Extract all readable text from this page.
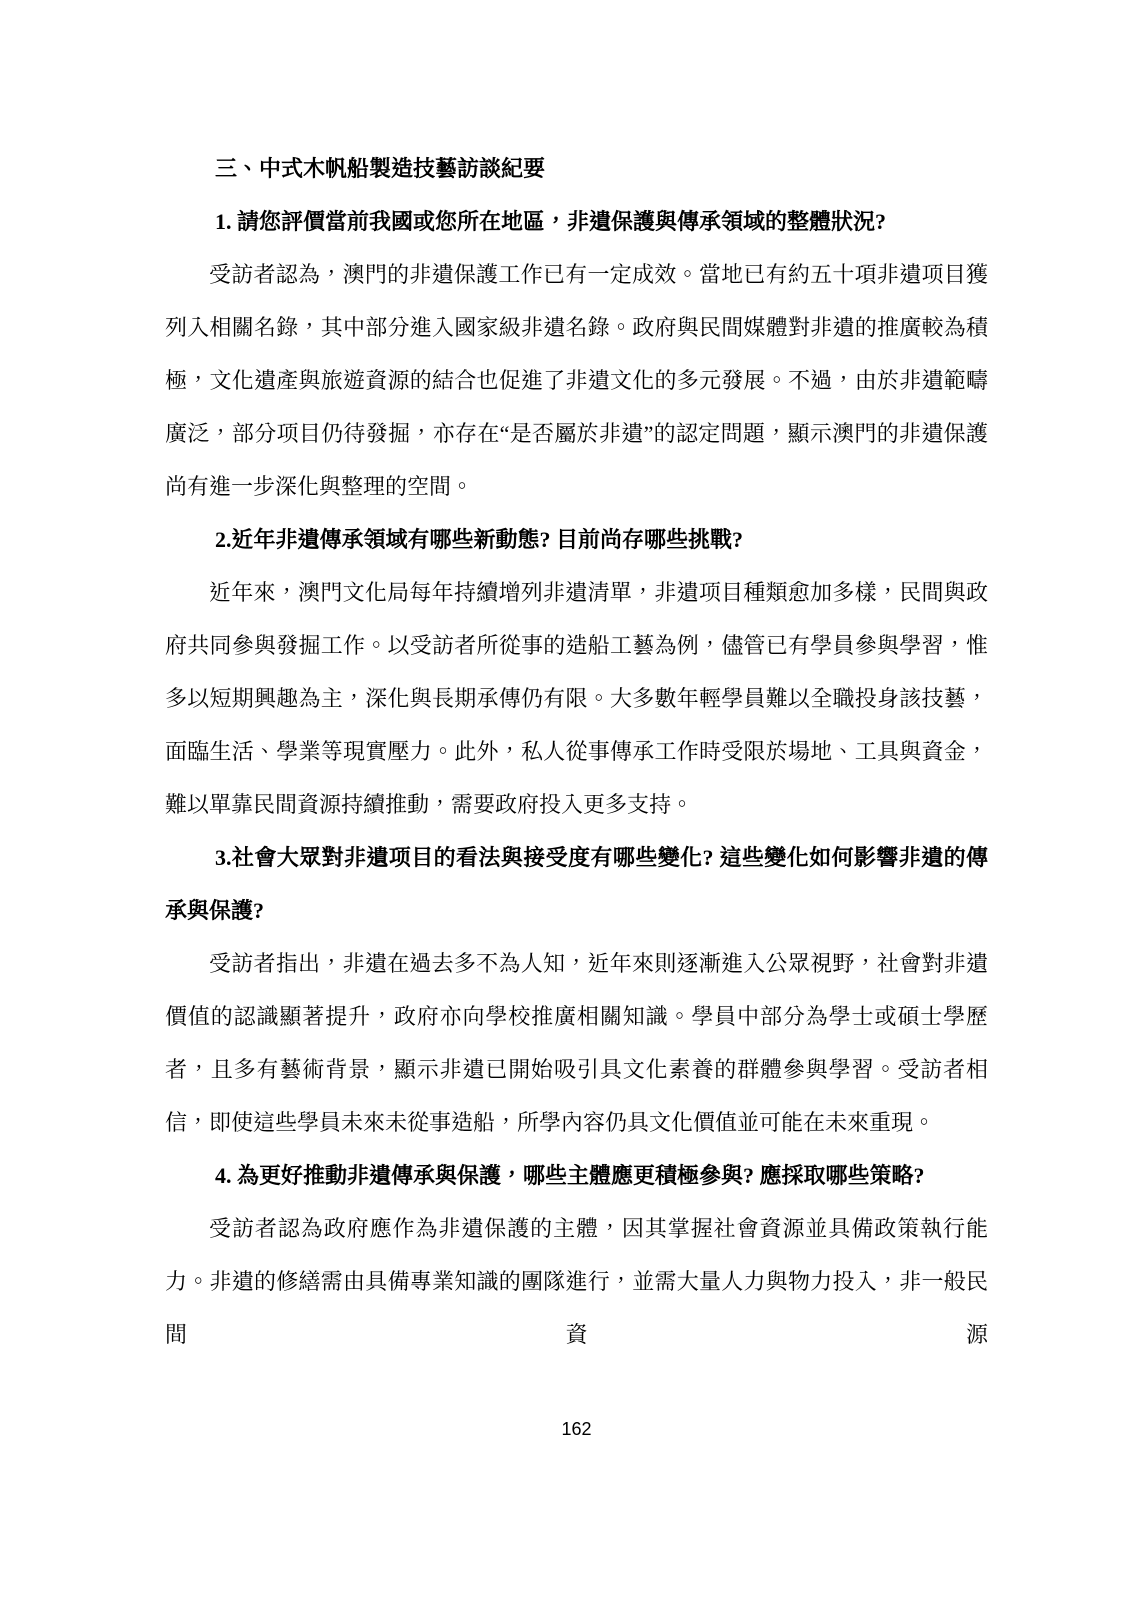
三、中式木帆船製造技藝訪談紀要

1. 請您評價當前我國或您所在地區，非遺保護與傳承領域的整體狀況?

受訪者認為，澳門的非遺保護工作已有一定成效。當地已有約五十項非遺项目獲列入相關名錄，其中部分進入國家級非遺名錄。政府與民間媒體對非遺的推廣較為積極，文化遺產與旅遊資源的結合也促進了非遺文化的多元發展。不過，由於非遺範疇廣泛，部分项目仍待發掘，亦存在“是否屬於非遺”的認定問題，顯示澳門的非遺保護尚有進一步深化與整理的空間。

2.近年非遺傳承領域有哪些新動態? 目前尚存哪些挑戰?

近年來，澳門文化局每年持續增列非遺清單，非遺项目種類愈加多樣，民間與政府共同參與發掘工作。以受訪者所從事的造船工藝為例，儘管已有學員參與學習，惟多以短期興趣為主，深化與長期承傳仍有限。大多數年輕學員難以全職投身該技藝，面臨生活、學業等現實壓力。此外，私人從事傳承工作時受限於場地、工具與資金，難以單靠民間資源持續推動，需要政府投入更多支持。

3.社會大眾對非遺项目的看法與接受度有哪些變化? 這些變化如何影響非遺的傳承與保護?

受訪者指出，非遺在過去多不為人知，近年來則逐漸進入公眾視野，社會對非遺價值的認識顯著提升，政府亦向學校推廣相關知識。學員中部分為學士或碩士學歷者，且多有藝術背景，顯示非遺已開始吸引具文化素養的群體參與學習。受訪者相信，即使這些學員未來未從事造船，所學內容仍具文化價值並可能在未來重現。

4. 為更好推動非遺傳承與保護，哪些主體應更積極參與? 應採取哪些策略?

受訪者認為政府應作為非遺保護的主體，因其掌握社會資源並具備政策執行能力。非遺的修繕需由具備專業知識的團隊進行，並需大量人力與物力投入，非一般民間資源

162
